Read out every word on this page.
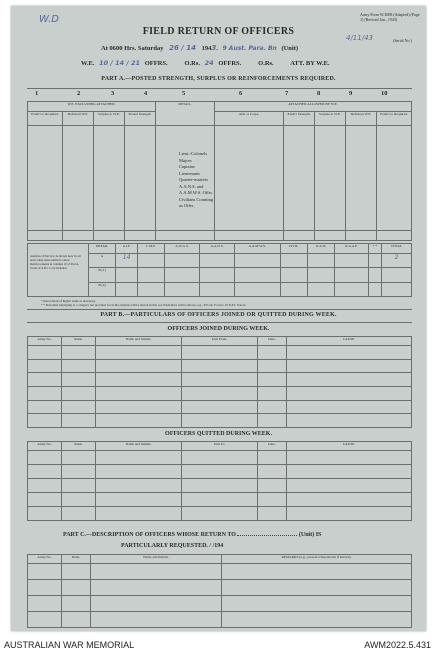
W.D	Army Form W.3008 (Adapted) (Page 1) (Revised Jan., 1943)
4/11/43	(Serial No.)
FIELD RETURN OF OFFICERS
At 0600 Hrs. Saturday 26 / 14 1943. 9 Aust. Para. Bn (Unit)
W.E. 10 / 14 / 21 OFFRS.	O.Rs. 24 OFFRS.	O.Rs.	ATT. BY W.E.
PART A.—POSTED STRENGTH, SURPLUS OR REINFORCEMENTS REQUIRED.
1	2	3	4	5	6	7	8	9	10
W.E. EXCLUDING ATTACHED.				DETAIL.	ATTACHED ALLOWED BY W.E.				
Estab't to Required.	Deficient W.E.	Surplus to W.E.	Posted Strength.		Arm or Corps.	Estab't Strength.	Surplus to W.E.	Deficient W.E.	Estab't to Required.

Lieut.-Colonels
Majors
Captains
Lieutenants
Quarter-masters
A.A.N.S. and
A.A.M.W.S. Offrs.
Civilians Counting
as Offrs.
Analysis of Part A to be shown here by all units. Only units entitled to show Reinforcements in columns 10 of Part A. Totals of A B C to be included.	DETAIL	A.I.F.	C.M.F.	A.W.A.S.	A.A.N.S.	A.A.M.W.S.	CIVIL.	R.A.N.	R.A.A.F.	* *	TOTAL
	A	14									2
	B (1)										
	B (2)										
* Insert detail of higher ranks as necessary.
* * Personnel belonging to a category not provided for in the analysis will be shown in this col. Particulars will be shown, e.g., 30 U.K. Forces; 10 N.E.I. Forces.
PART B.—PARTICULARS OF OFFICERS JOINED OR QUITTED DURING WEEK.
OFFICERS JOINED DURING WEEK.
Army No.	Rank.	Name and Initials.	Unit From.	Date.	CAUSE.

OFFICERS QUITTED DURING WEEK.
Army No.	Rank.	Name and Initials.	Unit To.	Date.	CAUSE.

PART C.—DESCRIPTION OF OFFICERS WHOSE RETURN TO	(Unit) IS
PARTICULARLY REQUESTED. / /194
Army No.	Rank.	Name and Initials.	REMARKS (e.g., present whereabouts if known).

AUSTRALIAN WAR MEMORIAL	AWM2022.5.431
